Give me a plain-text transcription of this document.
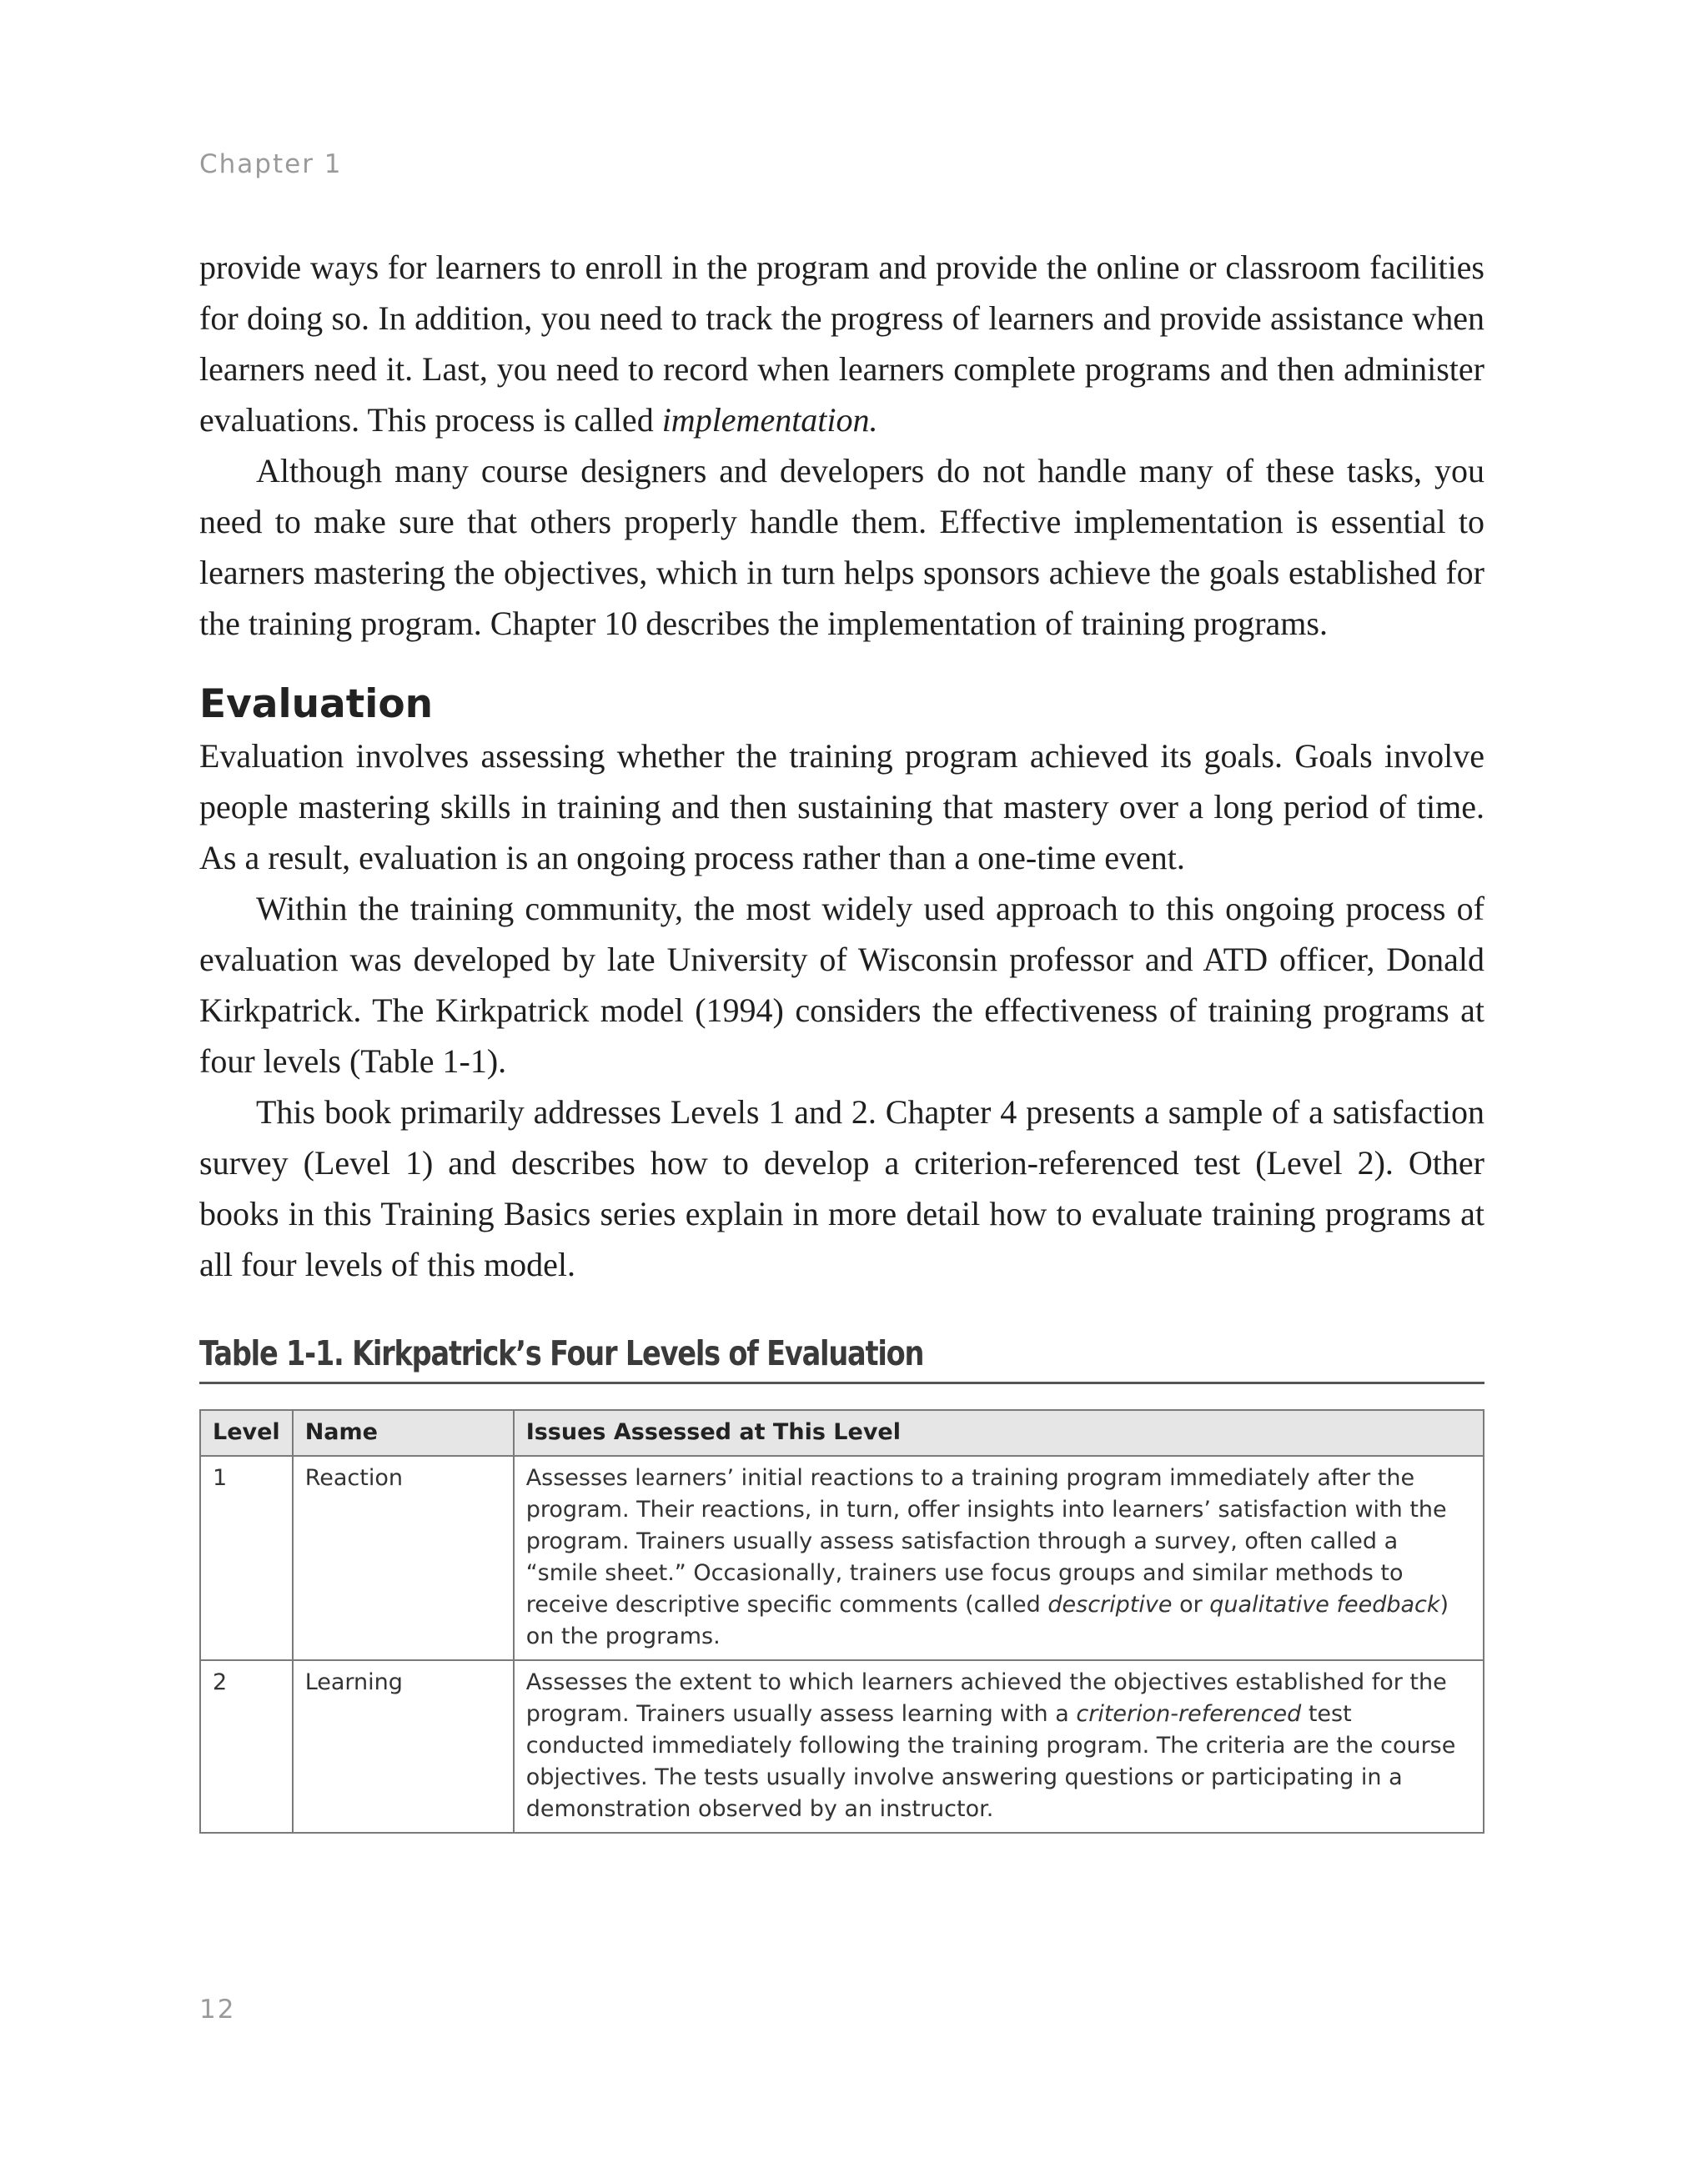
Chapter 1

provide ways for learners to enroll in the program and provide the online or classroom facilities for doing so. In addition, you need to track the progress of learners and provide assistance when learners need it. Last, you need to record when learners complete programs and then administer evaluations. This process is called implementation.

Although many course designers and developers do not handle many of these tasks, you need to make sure that others properly handle them. Effective implementation is essential to learners mastering the objectives, which in turn helps sponsors achieve the goals established for the training program. Chapter 10 describes the implementation of training programs.

Evaluation

Evaluation involves assessing whether the training program achieved its goals. Goals involve people mastering skills in training and then sustaining that mastery over a long period of time. As a result, evaluation is an ongoing process rather than a one-time event.

Within the training community, the most widely used approach to this ongoing process of evaluation was developed by late University of Wisconsin professor and ATD officer, Donald Kirkpatrick. The Kirkpatrick model (1994) considers the effectiveness of training programs at four levels (Table 1-1).

This book primarily addresses Levels 1 and 2. Chapter 4 presents a sample of a satisfaction survey (Level 1) and describes how to develop a criterion-referenced test (Level 2). Other books in this Training Basics series explain in more detail how to evaluate training programs at all four levels of this model.

Table 1-1. Kirkpatrick’s Four Levels of Evaluation
Level	Name	Issues Assessed at This Level
1	Reaction	Assesses learners’ initial reactions to a training program immediately after the program. Their reactions, in turn, offer insights into learners’ satisfaction with the program. Trainers usually assess satisfaction through a survey, often called a “smile sheet.” Occasionally, trainers use focus groups and similar methods to receive descriptive specific comments (called descriptive or qualitative feedback) on the programs.
2	Learning	Assesses the extent to which learners achieved the objectives established for the program. Trainers usually assess learning with a criterion-referenced test conducted immediately following the training program. The criteria are the course objectives. The tests usually involve answering questions or participating in a demonstration observed by an instructor.
12
